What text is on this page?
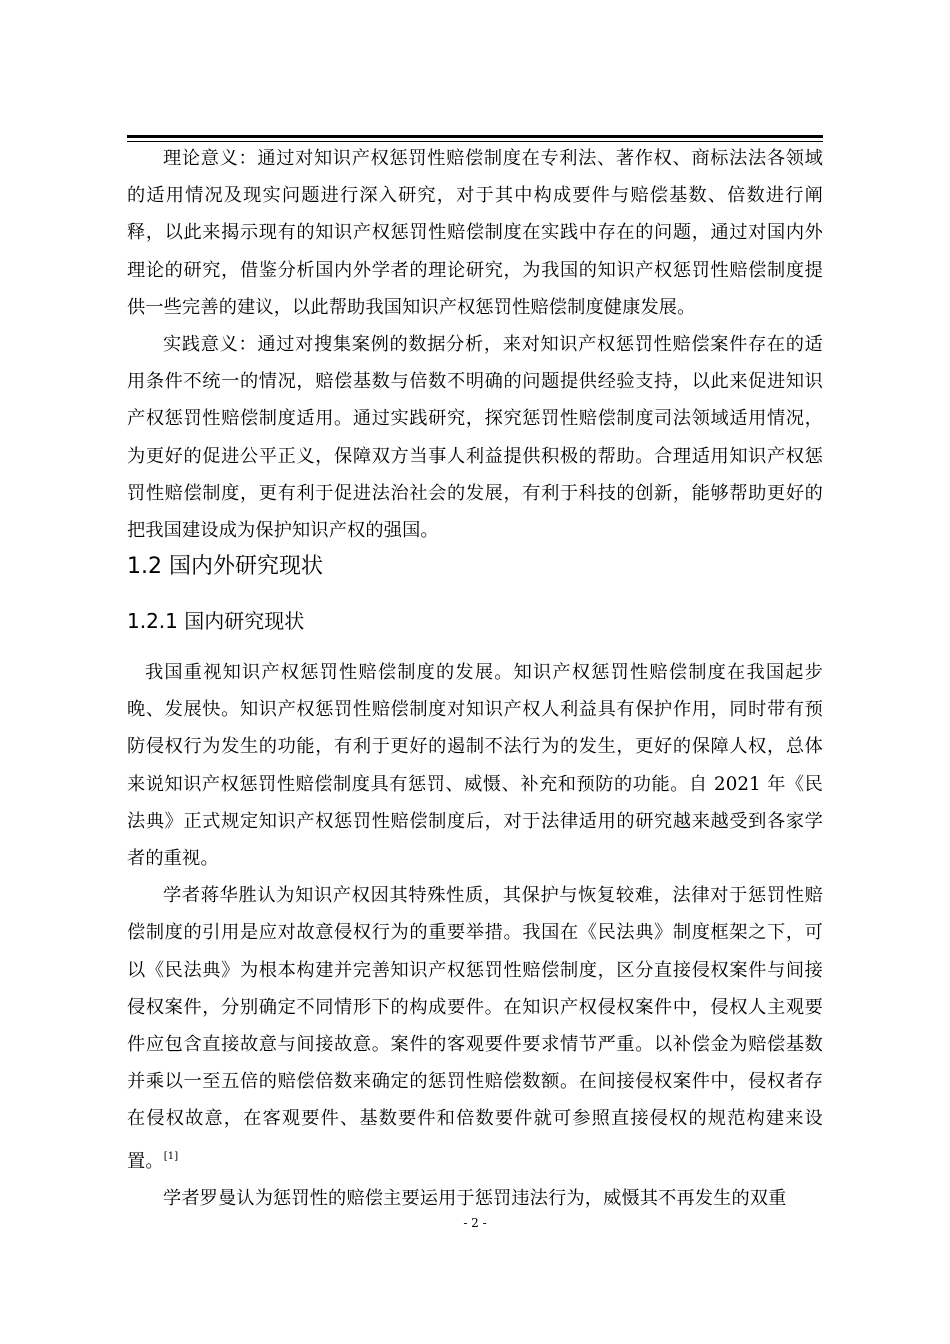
理论意义：通过对知识产权惩罚性赔偿制度在专利法、著作权、商标法法各领域的适用情况及现实问题进行深入研究，对于其中构成要件与赔偿基数、倍数进行阐释，以此来揭示现有的知识产权惩罚性赔偿制度在实践中存在的问题，通过对国内外理论的研究，借鉴分析国内外学者的理论研究，为我国的知识产权惩罚性赔偿制度提供一些完善的建议，以此帮助我国知识产权惩罚性赔偿制度健康发展。

实践意义：通过对搜集案例的数据分析，来对知识产权惩罚性赔偿案件存在的适用条件不统一的情况，赔偿基数与倍数不明确的问题提供经验支持，以此来促进知识产权惩罚性赔偿制度适用。通过实践研究，探究惩罚性赔偿制度司法领域适用情况，为更好的促进公平正义，保障双方当事人利益提供积极的帮助。合理适用知识产权惩罚性赔偿制度，更有利于促进法治社会的发展，有利于科技的创新，能够帮助更好的把我国建设成为保护知识产权的强国。

1.2 国内外研究现状
1.2.1 国内研究现状

我国重视知识产权惩罚性赔偿制度的发展。知识产权惩罚性赔偿制度在我国起步晚、发展快。知识产权惩罚性赔偿制度对知识产权人利益具有保护作用，同时带有预防侵权行为发生的功能，有利于更好的遏制不法行为的发生，更好的保障人权，总体来说知识产权惩罚性赔偿制度具有惩罚、威慑、补充和预防的功能。自 2021 年《民法典》正式规定知识产权惩罚性赔偿制度后，对于法律适用的研究越来越受到各家学者的重视。

学者蒋华胜认为知识产权因其特殊性质，其保护与恢复较难，法律对于惩罚性赔偿制度的引用是应对故意侵权行为的重要举措。我国在《民法典》制度框架之下，可以《民法典》为根本构建并完善知识产权惩罚性赔偿制度，区分直接侵权案件与间接侵权案件，分别确定不同情形下的构成要件。在知识产权侵权案件中，侵权人主观要件应包含直接故意与间接故意。案件的客观要件要求情节严重。以补偿金为赔偿基数并乘以一至五倍的赔偿倍数来确定的惩罚性赔偿数额。在间接侵权案件中，侵权者存在侵权故意，在客观要件、基数要件和倍数要件就可参照直接侵权的规范构建来设置。[1]

学者罗曼认为惩罚性的赔偿主要运用于惩罚违法行为，威慑其不再发生的双重

- 2 -
